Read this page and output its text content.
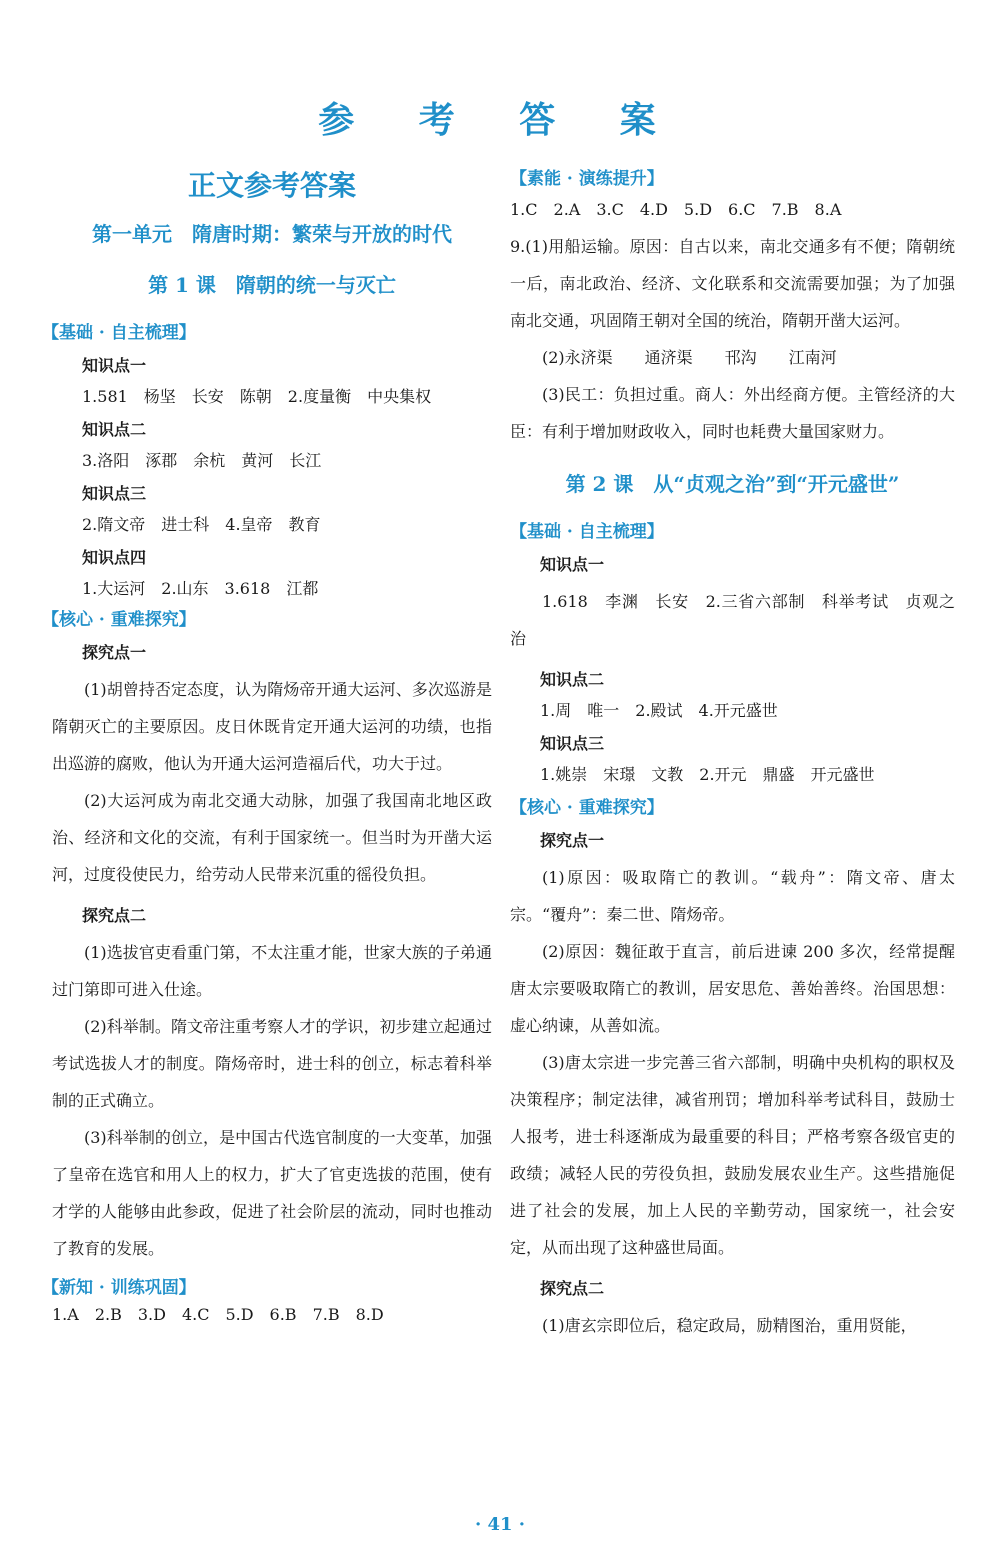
参 考 答 案
正文参考答案
第一单元　隋唐时期：繁荣与开放的时代
第 1 课　隋朝的统一与灭亡
【基础 · 自主梳理】
知识点一
1.581　杨坚　长安　陈朝　2.度量衡　中央集权
知识点二
3.洛阳　涿郡　余杭　黄河　长江
知识点三
2.隋文帝　进士科　4.皇帝　教育
知识点四
1.大运河　2.山东　3.618　江都
【核心 · 重难探究】
探究点一

(1)胡曾持否定态度，认为隋炀帝开通大运河、多次巡游是隋朝灭亡的主要原因。皮日休既肯定开通大运河的功绩，也指出巡游的腐败，他认为开通大运河造福后代，功大于过。

(2)大运河成为南北交通大动脉，加强了我国南北地区政治、经济和文化的交流，有利于国家统一。但当时为开凿大运河，过度役使民力，给劳动人民带来沉重的徭役负担。

探究点二

(1)选拔官吏看重门第，不太注重才能，世家大族的子弟通过门第即可进入仕途。

(2)科举制。隋文帝注重考察人才的学识，初步建立起通过考试选拔人才的制度。隋炀帝时，进士科的创立，标志着科举制的正式确立。

(3)科举制的创立，是中国古代选官制度的一大变革，加强了皇帝在选官和用人上的权力，扩大了官吏选拔的范围，使有才学的人能够由此参政，促进了社会阶层的流动，同时也推动了教育的发展。

【新知 · 训练巩固】
1.A　2.B　3.D　4.C　5.D　6.B　7.B　8.D
【素能 · 演练提升】
1.C　2.A　3.C　4.D　5.D　6.C　7.B　8.A

9.(1)用船运输。原因：自古以来，南北交通多有不便；隋朝统一后，南北政治、经济、文化联系和交流需要加强；为了加强南北交通，巩固隋王朝对全国的统治，隋朝开凿大运河。

(2)永济渠　　通济渠　　邗沟　　江南河

(3)民工：负担过重。商人：外出经商方便。主管经济的大臣：有利于增加财政收入，同时也耗费大量国家财力。

第 2 课　从“贞观之治”到“开元盛世”
【基础 · 自主梳理】
知识点一

1.618　李渊　长安　2.三省六部制　科举考试　贞观之治

知识点二
1.周　唯一　2.殿试　4.开元盛世
知识点三
1.姚崇　宋璟　文教　2.开元　鼎盛　开元盛世
【核心 · 重难探究】
探究点一

(1)原因：吸取隋亡的教训。“载舟”：隋文帝、唐太宗。“覆舟”：秦二世、隋炀帝。

(2)原因：魏征敢于直言，前后进谏 200 多次，经常提醒唐太宗要吸取隋亡的教训，居安思危、善始善终。治国思想：虚心纳谏，从善如流。

(3)唐太宗进一步完善三省六部制，明确中央机构的职权及决策程序；制定法律，减省刑罚；增加科举考试科目，鼓励士人报考，进士科逐渐成为最重要的科目；严格考察各级官吏的政绩；减轻人民的劳役负担，鼓励发展农业生产。这些措施促进了社会的发展，加上人民的辛勤劳动，国家统一，社会安定，从而出现了这种盛世局面。

探究点二

(1)唐玄宗即位后，稳定政局，励精图治，重用贤能，

· 41 ·
